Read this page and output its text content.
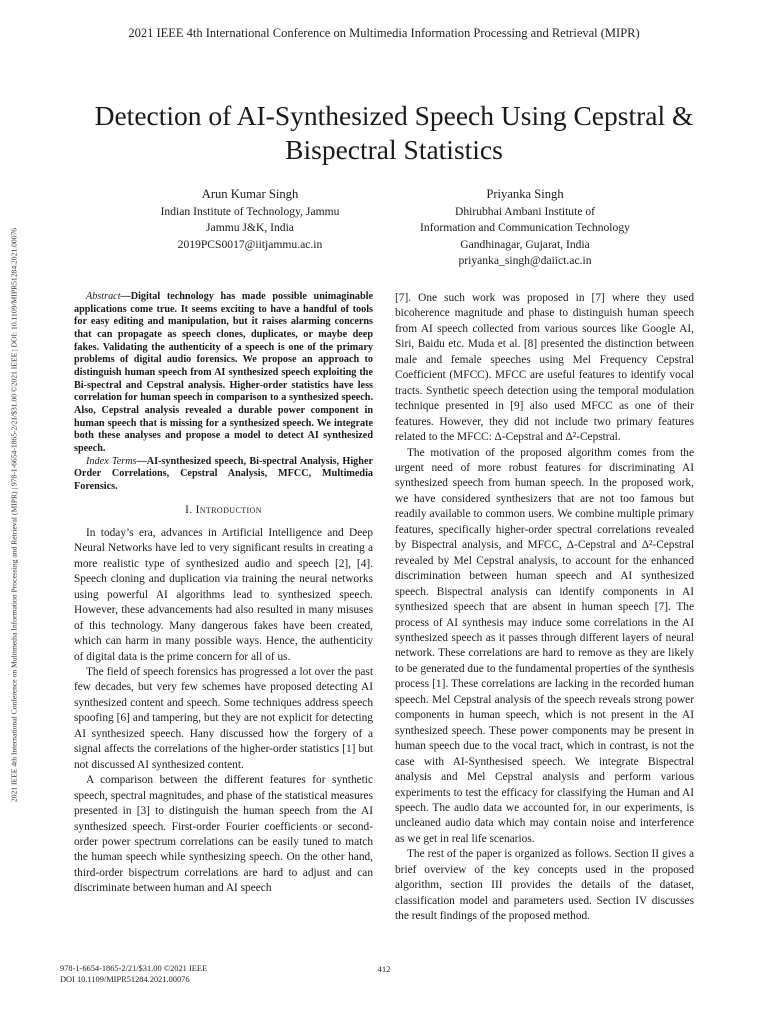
2021 IEEE 4th International Conference on Multimedia Information Processing and Retrieval (MIPR)
2021 IEEE 4th International Conference on Multimedia Information Processing and Retrieval (MIPR) | 978-1-6654-1865-2/21/$31.00 ©2021 IEEE | DOI: 10.1109/MIPR51284.2021.00076
Detection of AI-Synthesized Speech Using Cepstral & Bispectral Statistics
Arun Kumar Singh
Indian Institute of Technology, Jammu
Jammu J&K, India
2019PCS0017@iitjammu.ac.in
Priyanka Singh
Dhirubhai Ambani Institute of
Information and Communication Technology
Gandhinagar, Gujarat, India
priyanka_singh@daiict.ac.in

Abstract—Digital technology has made possible unimaginable applications come true. It seems exciting to have a handful of tools for easy editing and manipulation, but it raises alarming concerns that can propagate as speech clones, duplicates, or maybe deep fakes. Validating the authenticity of a speech is one of the primary problems of digital audio forensics. We propose an approach to distinguish human speech from AI synthesized speech exploiting the Bi-spectral and Cepstral analysis. Higher-order statistics have less correlation for human speech in comparison to a synthesized speech. Also, Cepstral analysis revealed a durable power component in human speech that is missing for a synthesized speech. We integrate both these analyses and propose a model to detect AI synthesized speech.

Index Terms—AI-synthesized speech, Bi-spectral Analysis, Higher Order Correlations, Cepstral Analysis, MFCC, Multimedia Forensics.

I. Introduction

In today’s era, advances in Artificial Intelligence and Deep Neural Networks have led to very significant results in creating a more realistic type of synthesized audio and speech [2], [4]. Speech cloning and duplication via training the neural networks using powerful AI algorithms lead to synthesized speech. However, these advancements had also resulted in many misuses of this technology. Many dangerous fakes have been created, which can harm in many possible ways. Hence, the authenticity of digital data is the prime concern for all of us.

The field of speech forensics has progressed a lot over the past few decades, but very few schemes have proposed detecting AI synthesized content and speech. Some techniques address speech spoofing [6] and tampering, but they are not explicit for detecting AI synthesized speech. Hany discussed how the forgery of a signal affects the correlations of the higher-order statistics [1] but not discussed AI synthesized content.

A comparison between the different features for synthetic speech, spectral magnitudes, and phase of the statistical measures presented in [3] to distinguish the human speech from the AI synthesized speech. First-order Fourier coefficients or second-order power spectrum correlations can be easily tuned to match the human speech while synthesizing speech. On the other hand, third-order bispectrum correlations are hard to adjust and can discriminate between human and AI speech

[7]. One such work was proposed in [7] where they used bicoherence magnitude and phase to distinguish human speech from AI speech collected from various sources like Google AI, Siri, Baidu etc. Muda et al. [8] presented the distinction between male and female speeches using Mel Frequency Cepstral Coefficient (MFCC). MFCC are useful features to identify vocal tracts. Synthetic speech detection using the temporal modulation technique presented in [9] also used MFCC as one of their features. However, they did not include two primary features related to the MFCC: Δ-Cepstral and Δ²-Cepstral.

The motivation of the proposed algorithm comes from the urgent need of more robust features for discriminating AI synthesized speech from human speech. In the proposed work, we have considered synthesizers that are not too famous but readily available to common users. We combine multiple primary features, specifically higher-order spectral correlations revealed by Bispectral analysis, and MFCC, Δ-Cepstral and Δ²-Cepstral revealed by Mel Cepstral analysis, to account for the enhanced discrimination between human speech and AI synthesized speech. Bispectral analysis can identify components in AI synthesized speech that are absent in human speech [7]. The process of AI synthesis may induce some correlations in the AI synthesized speech as it passes through different layers of neural network. These correlations are hard to remove as they are likely to be generated due to the fundamental properties of the synthesis process [1]. These correlations are lacking in the recorded human speech. Mel Cepstral analysis of the speech reveals strong power components in human speech, which is not present in the AI synthesized speech. These power components may be present in human speech due to the vocal tract, which in contrast, is not the case with AI-Synthesised speech. We integrate Bispectral analysis and Mel Cepstral analysis and perform various experiments to test the efficacy for classifying the Human and AI speech. The audio data we accounted for, in our experiments, is uncleaned audio data which may contain noise and interference as we get in real life scenarios.

The rest of the paper is organized as follows. Section II gives a brief overview of the key concepts used in the proposed algorithm, section III provides the details of the dataset, classification model and parameters used. Section IV discusses the result findings of the proposed method.

978-1-6654-1865-2/21/$31.00 ©2021 IEEE
DOI 10.1109/MIPR51284.2021.00076
412
